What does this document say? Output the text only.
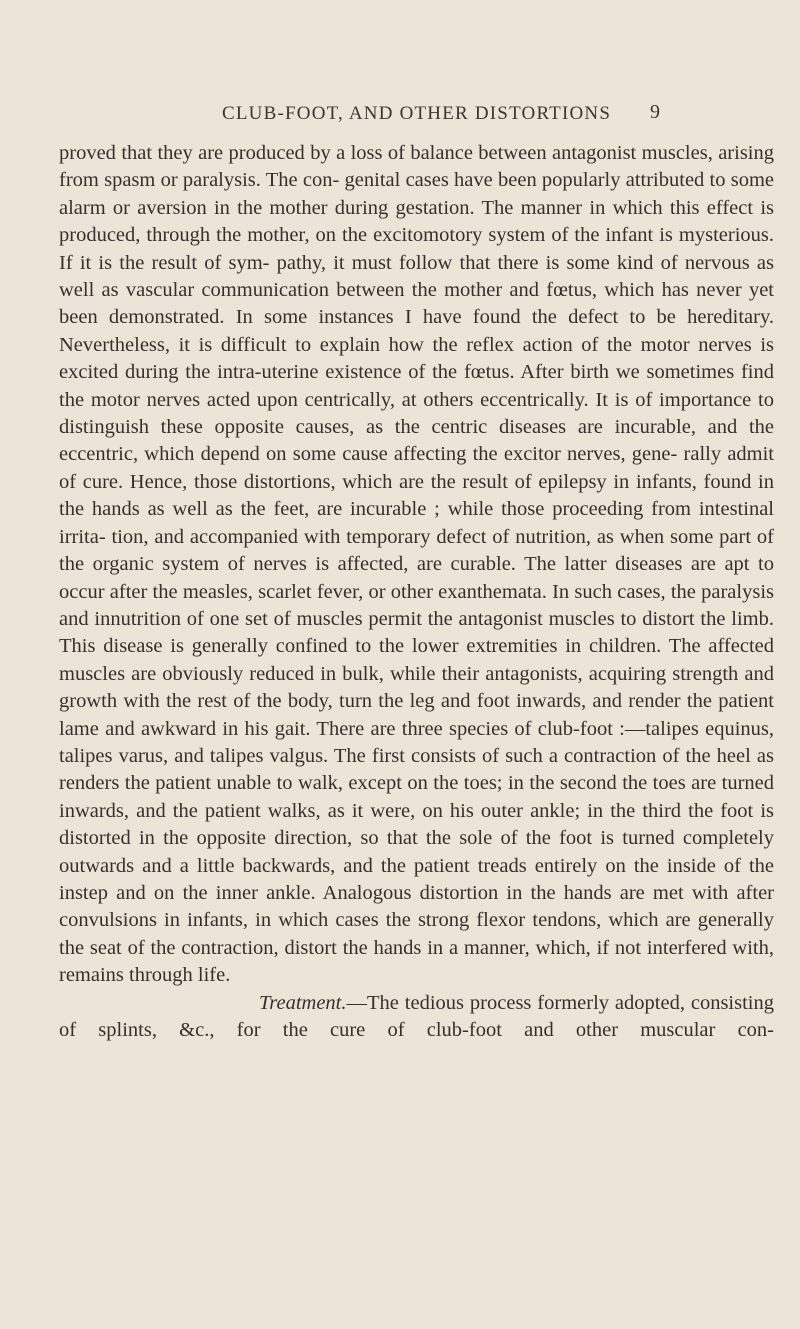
CLUB-FOOT, AND OTHER DISTORTIONS	9

proved that they are produced by a loss of balance between antagonist muscles, arising from spasm or paralysis. The con- genital cases have been popularly attributed to some alarm or aversion in the mother during gestation. The manner in which this effect is produced, through the mother, on the excitomotory system of the infant is mysterious. If it is the result of sym- pathy, it must follow that there is some kind of nervous as well as vascular communication between the mother and fœtus, which has never yet been demonstrated. In some instances I have found the defect to be hereditary. Nevertheless, it is difficult to explain how the reflex action of the motor nerves is excited during the intra-uterine existence of the fœtus. After birth we sometimes find the motor nerves acted upon centrically, at others eccentrically. It is of importance to distinguish these opposite causes, as the centric diseases are incurable, and the eccentric, which depend on some cause affecting the excitor nerves, gene- rally admit of cure. Hence, those distortions, which are the result of epilepsy in infants, found in the hands as well as the feet, are incurable ; while those proceeding from intestinal irrita- tion, and accompanied with temporary defect of nutrition, as when some part of the organic system of nerves is affected, are curable. The latter diseases are apt to occur after the measles, scarlet fever, or other exanthemata. In such cases, the paralysis and innutrition of one set of muscles permit the antagonist muscles to distort the limb. This disease is generally confined to the lower extremities in children. The affected muscles are obviously reduced in bulk, while their antagonists, acquiring strength and growth with the rest of the body, turn the leg and foot inwards, and render the patient lame and awkward in his gait. There are three species of club-foot :—talipes equinus, talipes varus, and talipes valgus. The first consists of such a contraction of the heel as renders the patient unable to walk, except on the toes; in the second the toes are turned inwards, and the patient walks, as it were, on his outer ankle; in the third the foot is distorted in the opposite direction, so that the sole of the foot is turned completely outwards and a little backwards, and the patient treads entirely on the inside of the instep and on the inner ankle. Analogous distortion in the hands are met with after convulsions in infants, in which cases the strong flexor tendons, which are generally the seat of the contraction, distort the hands in a manner, which, if not interfered with, remains through life.

Treatment.—The tedious process formerly adopted, consisting of splints, &c., for the cure of club-foot and other muscular con-
